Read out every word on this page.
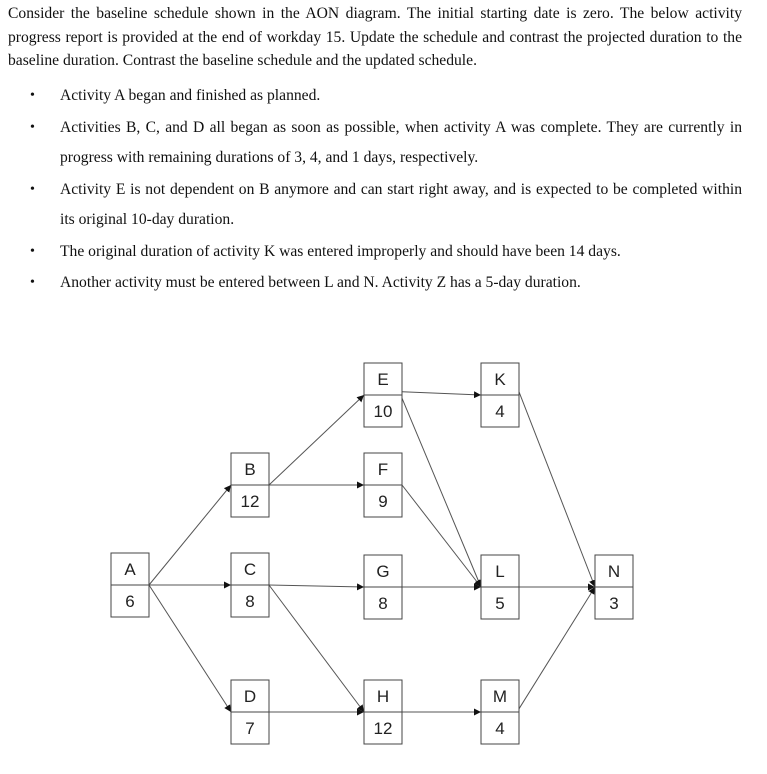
Consider the baseline schedule shown in the AON diagram. The initial starting date is zero. The below activity progress report is provided at the end of workday 15. Update the schedule and contrast the projected duration to the baseline duration. Contrast the baseline schedule and the updated schedule.

• Activity A began and finished as planned.
• Activities B, C, and D all began as soon as possible, when activity A was complete. They are currently in progress with remaining durations of 3, 4, and 1 days, respectively.
• Activity E is not dependent on B anymore and can start right away, and is expected to be completed within its original 10-day duration.
• The original duration of activity K was entered improperly and should have been 14 days.
• Another activity must be entered between L and N. Activity Z has a 5-day duration.
A
6
B
12
C
8
D
7
E
10
F
9
G
8
H
12
K
4
L
5
M
4
N
3
